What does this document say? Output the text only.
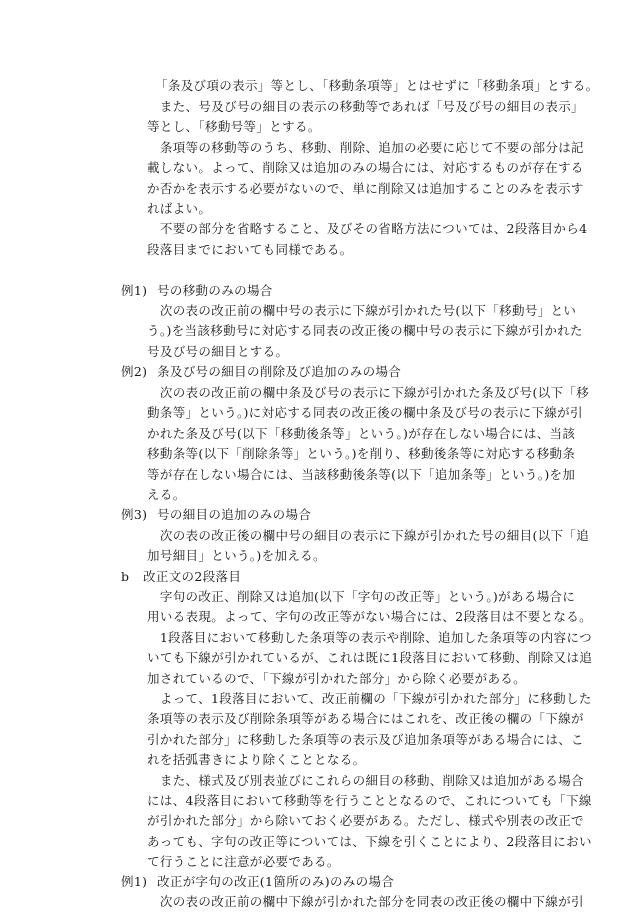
「条及び項の表示」等とし、「移動条項等」とはせずに「移動条項」とする。
　また、号及び号の細目の表示の移動等であれば「号及び号の細目の表示」
等とし、「移動号等」とする。
　条項等の移動等のうち、移動、削除、追加の必要に応じて不要の部分は記
載しない。よって、削除又は追加のみの場合には、対応するものが存在する
か否かを表示する必要がないので、単に削除又は追加することのみを表示す
ればよい。
　不要の部分を省略すること、及びその省略方法については、2段落目から4
段落目までにおいても同様である。
例1) 号の移動のみの場合
　次の表の改正前の欄中号の表示に下線が引かれた号(以下「移動号」とい
う。)を当該移動号に対応する同表の改正後の欄中号の表示に下線が引かれた
号及び号の細目とする。
例2) 条及び号の細目の削除及び追加のみの場合
　次の表の改正前の欄中条及び号の表示に下線が引かれた条及び号(以下「移
動条等」という。)に対応する同表の改正後の欄中条及び号の表示に下線が引
かれた条及び号(以下「移動後条等」という。)が存在しない場合には、当該
移動条等(以下「削除条等」という。)を削り、移動後条等に対応する移動条
等が存在しない場合には、当該移動後条等(以下「追加条等」という。)を加
える。
例3) 号の細目の追加のみの場合
　次の表の改正後の欄中号の細目の表示に下線が引かれた号の細目(以下「追
加号細目」という。)を加える。
b 改正文の2段落目
　字句の改正、削除又は追加(以下「字句の改正等」という。)がある場合に
用いる表現。よって、字句の改正等がない場合には、2段落目は不要となる。
　1段落目において移動した条項等の表示や削除、追加した条項等の内容につ
いても下線が引かれているが、これは既に1段落目において移動、削除又は追
加されているので、「下線が引かれた部分」から除く必要がある。
　よって、1段落目において、改正前欄の「下線が引かれた部分」に移動した
条項等の表示及び削除条項等がある場合にはこれを、改正後の欄の「下線が
引かれた部分」に移動した条項等の表示及び追加条項等がある場合には、こ
れを括弧書きにより除くこととなる。
　また、様式及び別表並びにこれらの細目の移動、削除又は追加がある場合
には、4段落目において移動等を行うこととなるので、これについても「下線
が引かれた部分」から除いておく必要がある。ただし、様式や別表の改正で
あっても、字句の改正等については、下線を引くことにより、2段落目におい
て行うことに注意が必要である。
例1) 改正が字句の改正(1箇所のみ)のみの場合
　次の表の改正前の欄中下線が引かれた部分を同表の改正後の欄中下線が引
